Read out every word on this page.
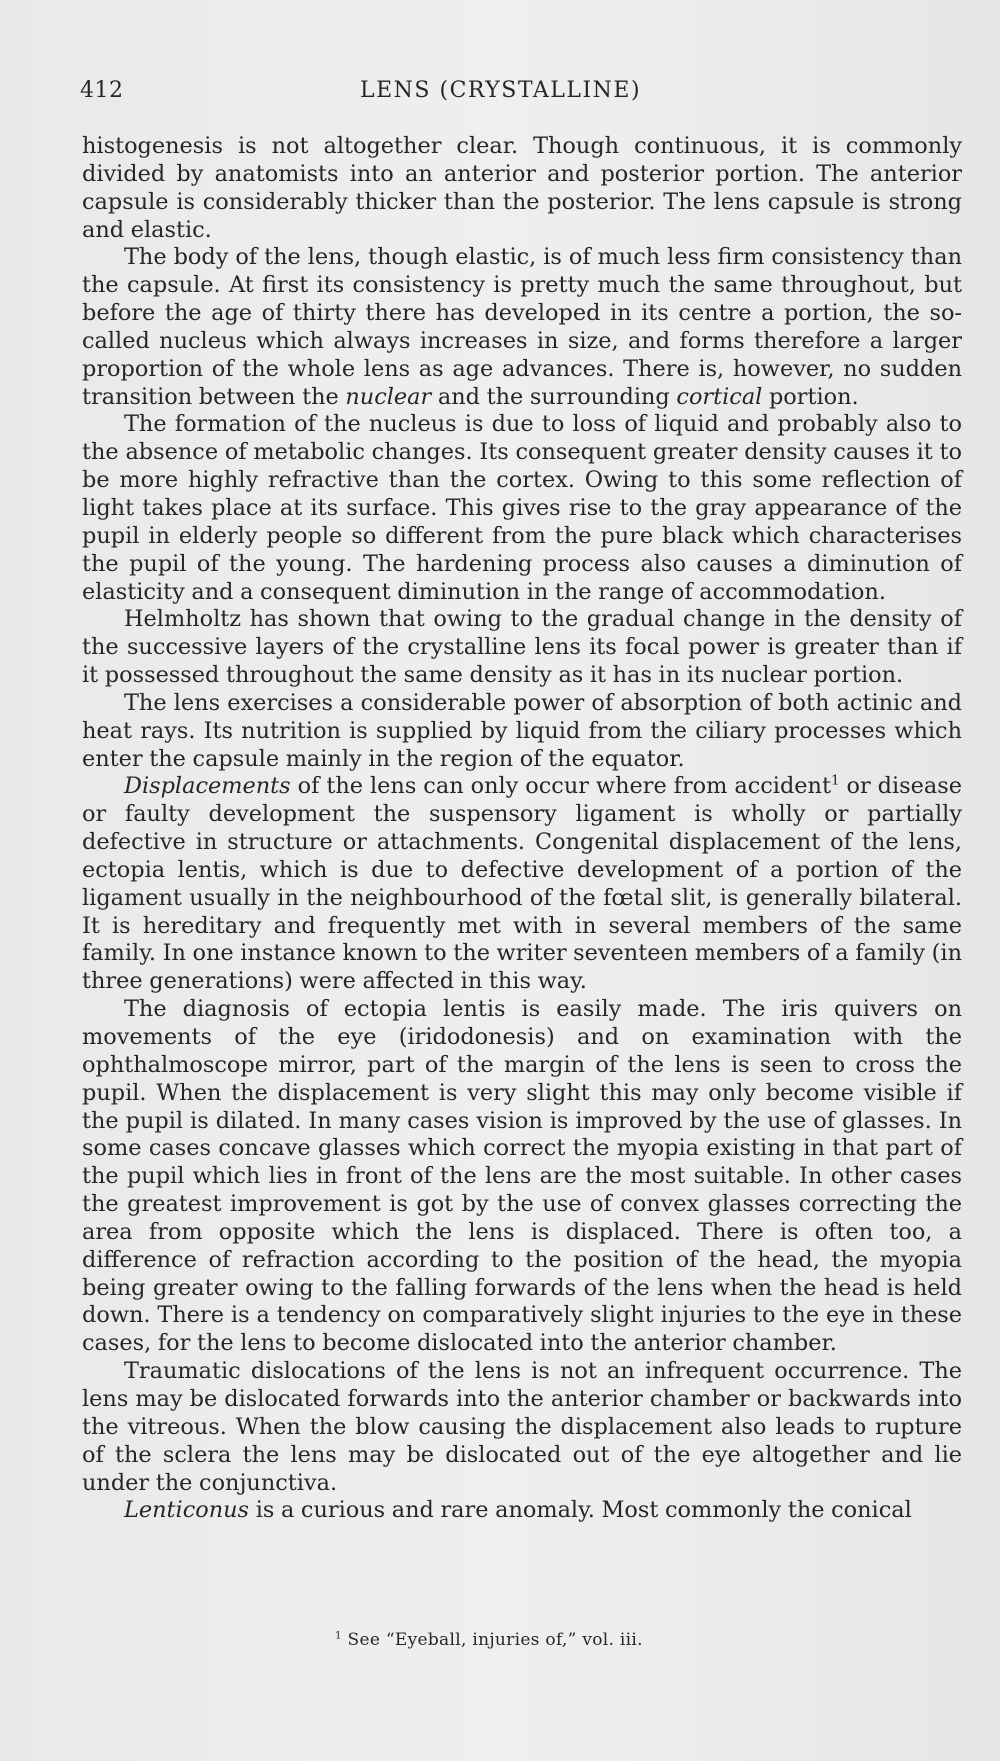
412	LENS (CRYSTALLINE)

histogenesis is not altogether clear. Though continuous, it is commonly divided by anatomists into an anterior and posterior portion. The anterior capsule is considerably thicker than the posterior. The lens capsule is strong and elastic.

The body of the lens, though elastic, is of much less firm consistency than the capsule. At first its consistency is pretty much the same throughout, but before the age of thirty there has developed in its centre a portion, the so-called nucleus which always increases in size, and forms therefore a larger proportion of the whole lens as age advances. There is, however, no sudden transition between the nuclear and the surrounding cortical portion.

The formation of the nucleus is due to loss of liquid and probably also to the absence of metabolic changes. Its consequent greater density causes it to be more highly refractive than the cortex. Owing to this some reflection of light takes place at its surface. This gives rise to the gray appearance of the pupil in elderly people so different from the pure black which characterises the pupil of the young. The hardening process also causes a diminution of elasticity and a consequent diminution in the range of accommodation.

Helmholtz has shown that owing to the gradual change in the density of the successive layers of the crystalline lens its focal power is greater than if it possessed throughout the same density as it has in its nuclear portion.

The lens exercises a considerable power of absorption of both actinic and heat rays. Its nutrition is supplied by liquid from the ciliary processes which enter the capsule mainly in the region of the equator.

Displacements of the lens can only occur where from accident$^1$ or disease or faulty development the suspensory ligament is wholly or partially defective in structure or attachments. Congenital displacement of the lens, ectopia lentis, which is due to defective development of a portion of the ligament usually in the neighbourhood of the fœtal slit, is generally bilateral. It is hereditary and frequently met with in several members of the same family. In one instance known to the writer seventeen members of a family (in three generations) were affected in this way.

The diagnosis of ectopia lentis is easily made. The iris quivers on movements of the eye (iridodonesis) and on examination with the ophthalmoscope mirror, part of the margin of the lens is seen to cross the pupil. When the displacement is very slight this may only become visible if the pupil is dilated. In many cases vision is improved by the use of glasses. In some cases concave glasses which correct the myopia existing in that part of the pupil which lies in front of the lens are the most suitable. In other cases the greatest improvement is got by the use of convex glasses correcting the area from opposite which the lens is displaced. There is often too, a difference of refraction according to the position of the head, the myopia being greater owing to the falling forwards of the lens when the head is held down. There is a tendency on comparatively slight injuries to the eye in these cases, for the lens to become dislocated into the anterior chamber.

Traumatic dislocations of the lens is not an infrequent occurrence. The lens may be dislocated forwards into the anterior chamber or backwards into the vitreous. When the blow causing the displacement also leads to rupture of the sclera the lens may be dislocated out of the eye altogether and lie under the conjunctiva.

Lenticonus is a curious and rare anomaly. Most commonly the conical

$^1$ See “Eyeball, injuries of,” vol. iii.
